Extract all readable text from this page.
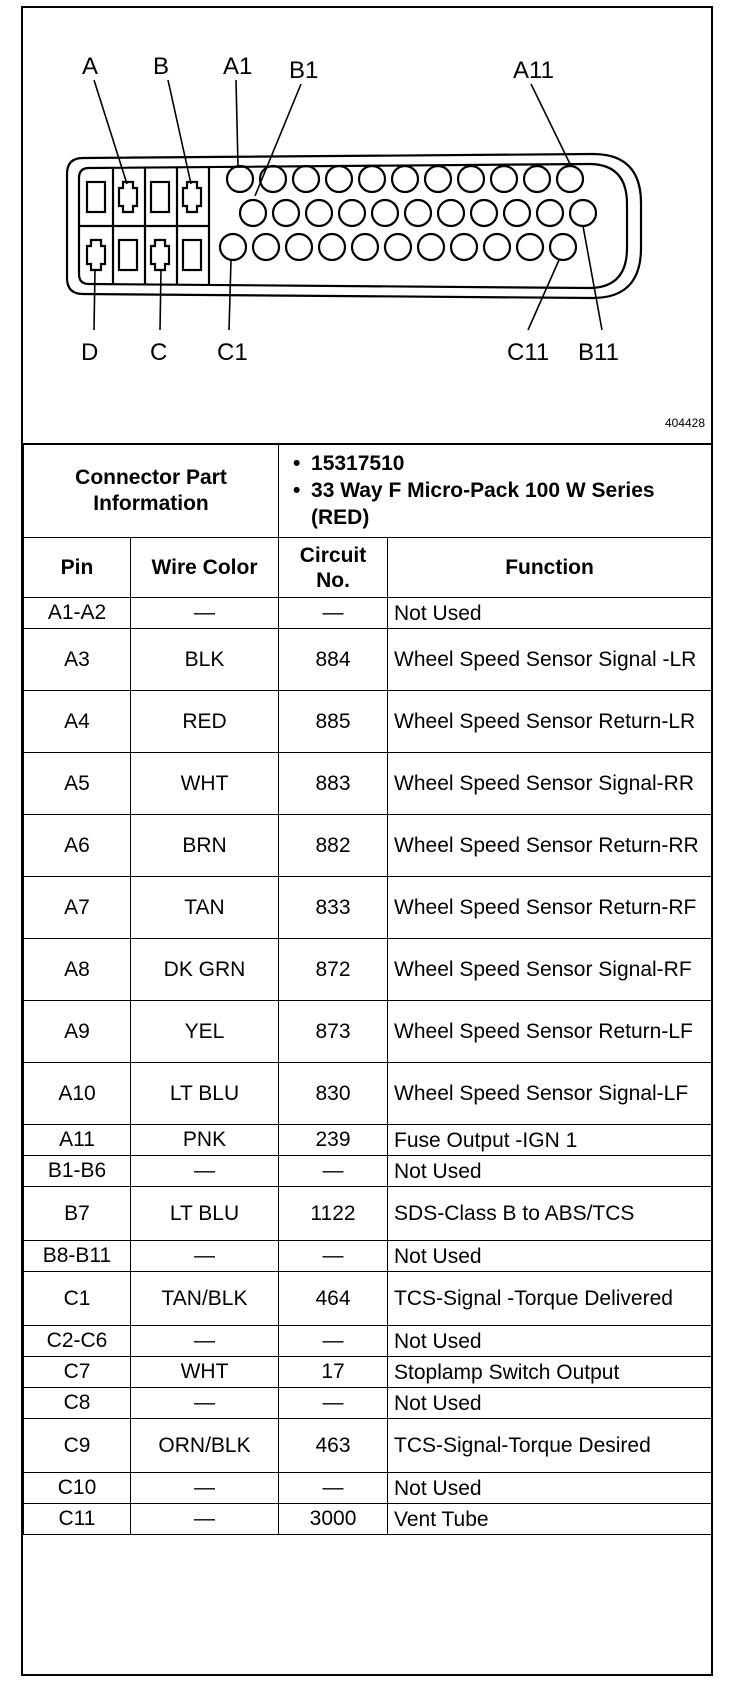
A B A1 B1	A11
D C C1	C11 B11
404428
Connector Part Information		• 15317510
• 33 Way F Micro-Pack 100 W Series (RED)

Pin	Wire Color	Circuit No.	Function
A1-A2	—	—	Not Used
A3	BLK	884	Wheel Speed Sensor Signal -LR
A4	RED	885	Wheel Speed Sensor Return-LR
A5	WHT	883	Wheel Speed Sensor Signal-RR
A6	BRN	882	Wheel Speed Sensor Return-RR
A7	TAN	833	Wheel Speed Sensor Return-RF
A8	DK GRN	872	Wheel Speed Sensor Signal-RF
A9	YEL	873	Wheel Speed Sensor Return-LF
A10	LT BLU	830	Wheel Speed Sensor Signal-LF
A11	PNK	239	Fuse Output -IGN 1
B1-B6	—	—	Not Used
B7	LT BLU	1122	SDS-Class B to ABS/TCS
B8-B11	—	—	Not Used
C1	TAN/BLK	464	TCS-Signal -Torque Delivered
C2-C6	—	—	Not Used
C7	WHT	17	Stoplamp Switch Output
C8	—	—	Not Used
C9	ORN/BLK	463	TCS-Signal-Torque Desired
C10	—	—	Not Used
C11	—	3000	Vent Tube
